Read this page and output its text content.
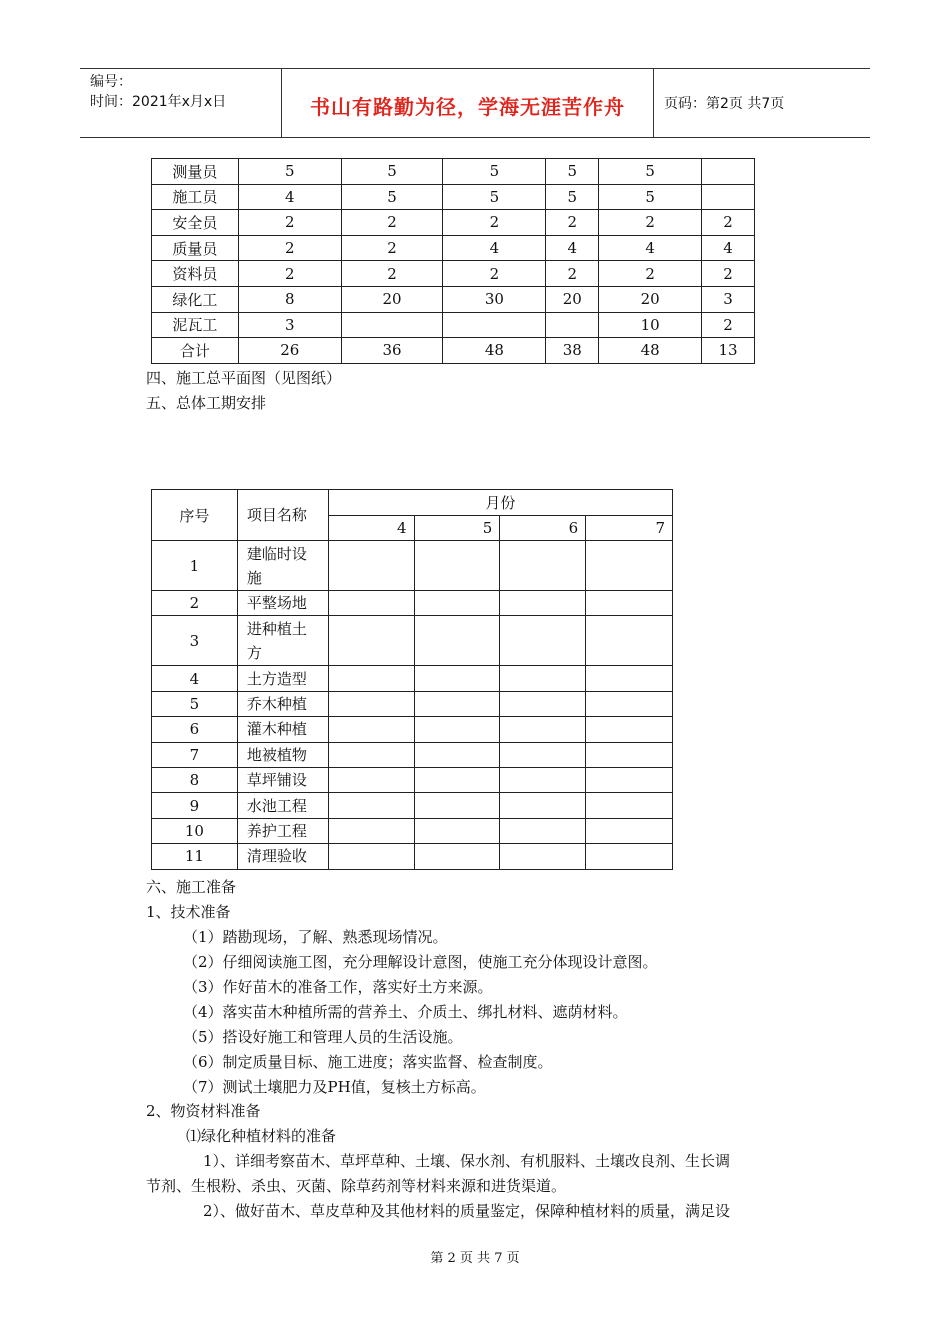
编号：
时间：2021年x月x日	书山有路勤为径，学海无涯苦作舟	页码：第2页 共7页
测量员	5	5	5	5	5	
施工员	4	5	5	5	5	
安全员	2	2	2	2	2	2
质量员	2	2	4	4	4	4
资料员	2	2	2	2	2	2
绿化工	8	20	30	20	20	3
泥瓦工	3				10	2
合计	26	36	48	38	48	13
四、施工总平面图（见图纸）
五、总体工期安排
序号	项目名称	月份			
		4	5	6	7
1	建临时设施				
2	平整场地				
3	进种植土方				
4	土方造型				
5	乔木种植				
6	灌木种植				
7	地被植物				
8	草坪铺设				
9	水池工程				
10	养护工程				
11	清理验收				
六、施工准备
1、技术准备
（1）踏勘现场，了解、熟悉现场情况。
（2）仔细阅读施工图，充分理解设计意图，使施工充分体现设计意图。
（3）作好苗木的准备工作，落实好土方来源。
（4）落实苗木种植所需的营养土、介质土、绑扎材料、遮荫材料。
（5）搭设好施工和管理人员的生活设施。
（6）制定质量目标、施工进度；落实监督、检查制度。
（7）测试土壤肥力及PH值，复核土方标高。
2、物资材料准备
⑴绿化种植材料的准备
1）、详细考察苗木、草坪草种、土壤、保水剂、有机服料、土壤改良剂、生长调
节剂、生根粉、杀虫、灭菌、除草药剂等材料来源和进货渠道。
2）、做好苗木、草皮草种及其他材料的质量鉴定，保障种植材料的质量，满足设
第 2 页 共 7 页
